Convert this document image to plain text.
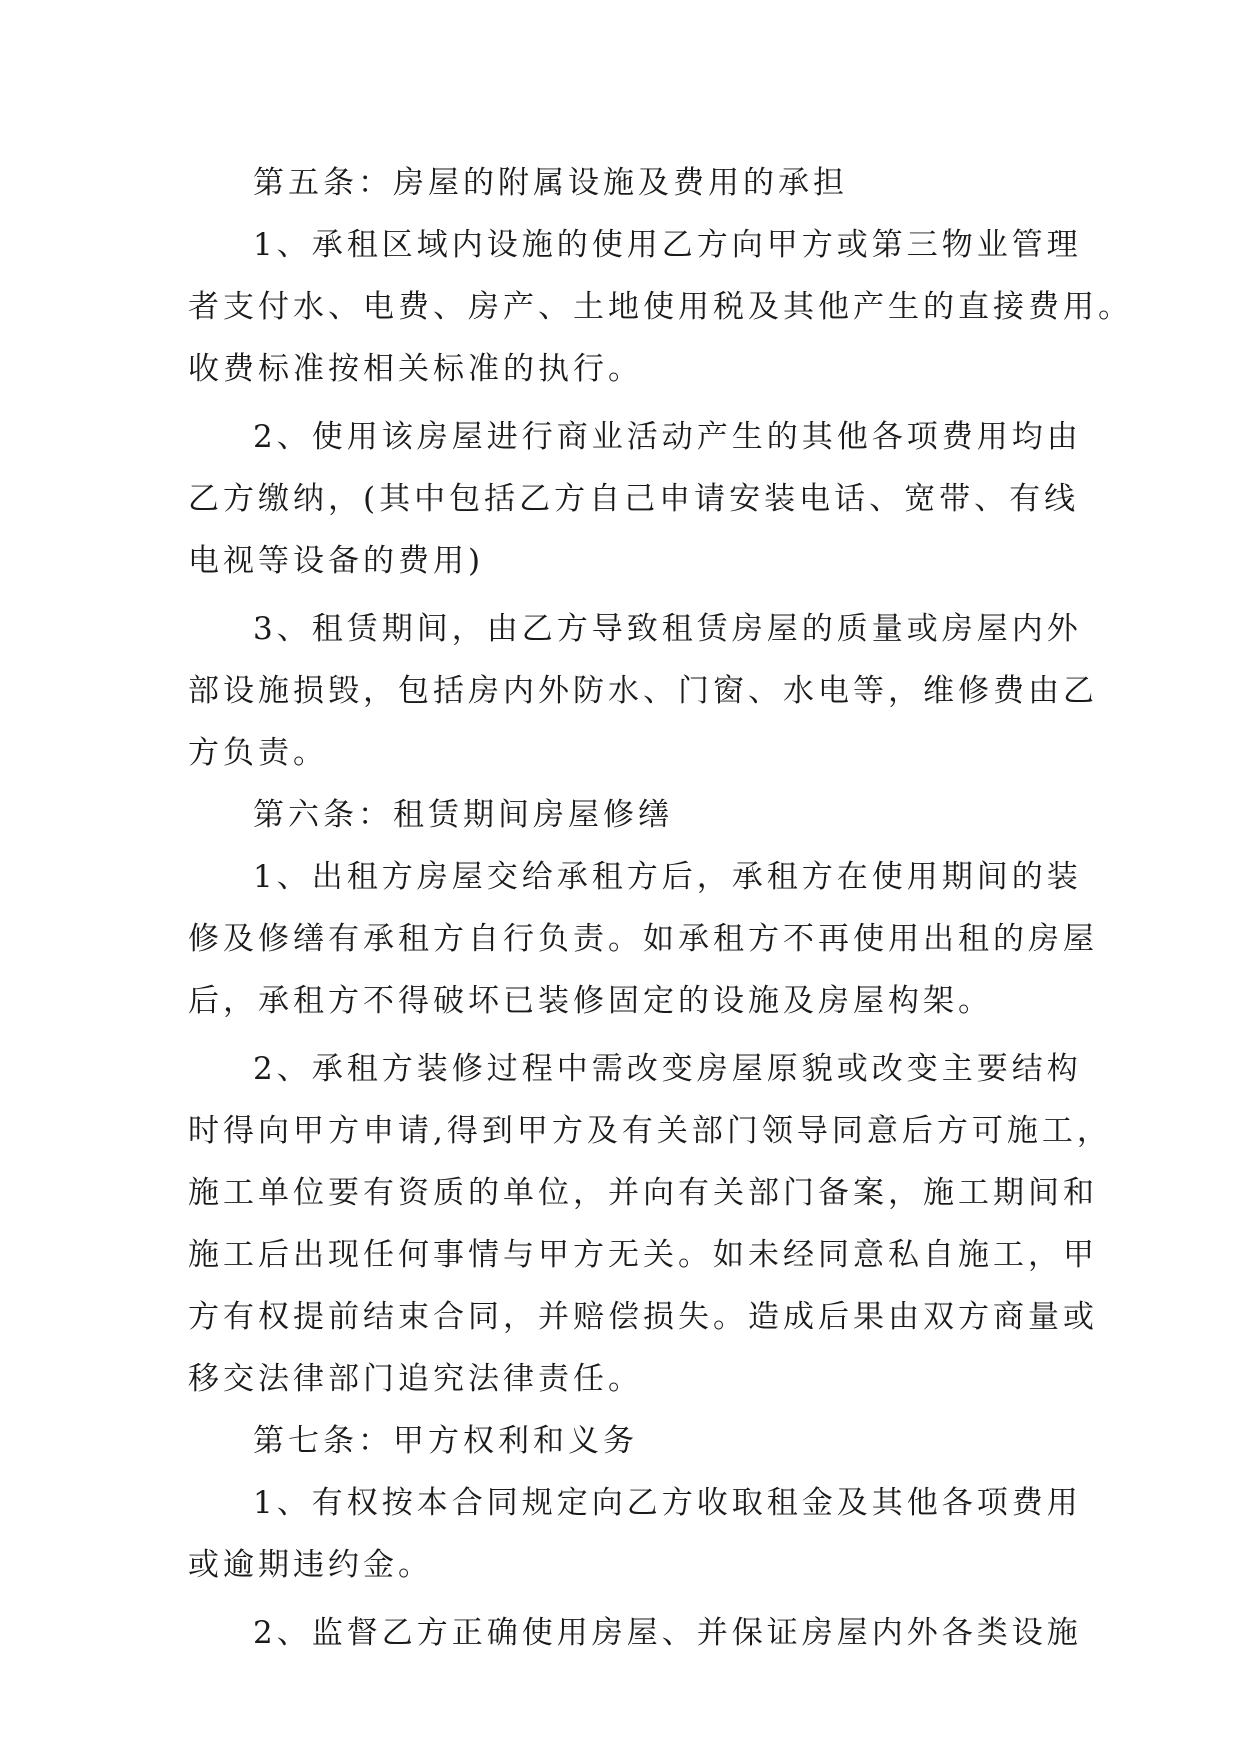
第五条：房屋的附属设施及费用的承担
1、承租区域内设施的使用乙方向甲方或第三物业管理
者支付水、电费、房产、土地使用税及其他产生的直接费用。
收费标准按相关标准的执行。
2、使用该房屋进行商业活动产生的其他各项费用均由
乙方缴纳，(其中包括乙方自己申请安装电话、宽带、有线
电视等设备的费用)
3、租赁期间，由乙方导致租赁房屋的质量或房屋内外
部设施损毁，包括房内外防水、门窗、水电等，维修费由乙
方负责。
第六条：租赁期间房屋修缮
1、出租方房屋交给承租方后，承租方在使用期间的装
修及修缮有承租方自行负责。如承租方不再使用出租的房屋
后，承租方不得破坏已装修固定的设施及房屋构架。
2、承租方装修过程中需改变房屋原貌或改变主要结构
时得向甲方申请,得到甲方及有关部门领导同意后方可施工，
施工单位要有资质的单位，并向有关部门备案，施工期间和
施工后出现任何事情与甲方无关。如未经同意私自施工，甲
方有权提前结束合同，并赔偿损失。造成后果由双方商量或
移交法律部门追究法律责任。
第七条：甲方权利和义务
1、有权按本合同规定向乙方收取租金及其他各项费用
或逾期违约金。
2、监督乙方正确使用房屋、并保证房屋内外各类设施
